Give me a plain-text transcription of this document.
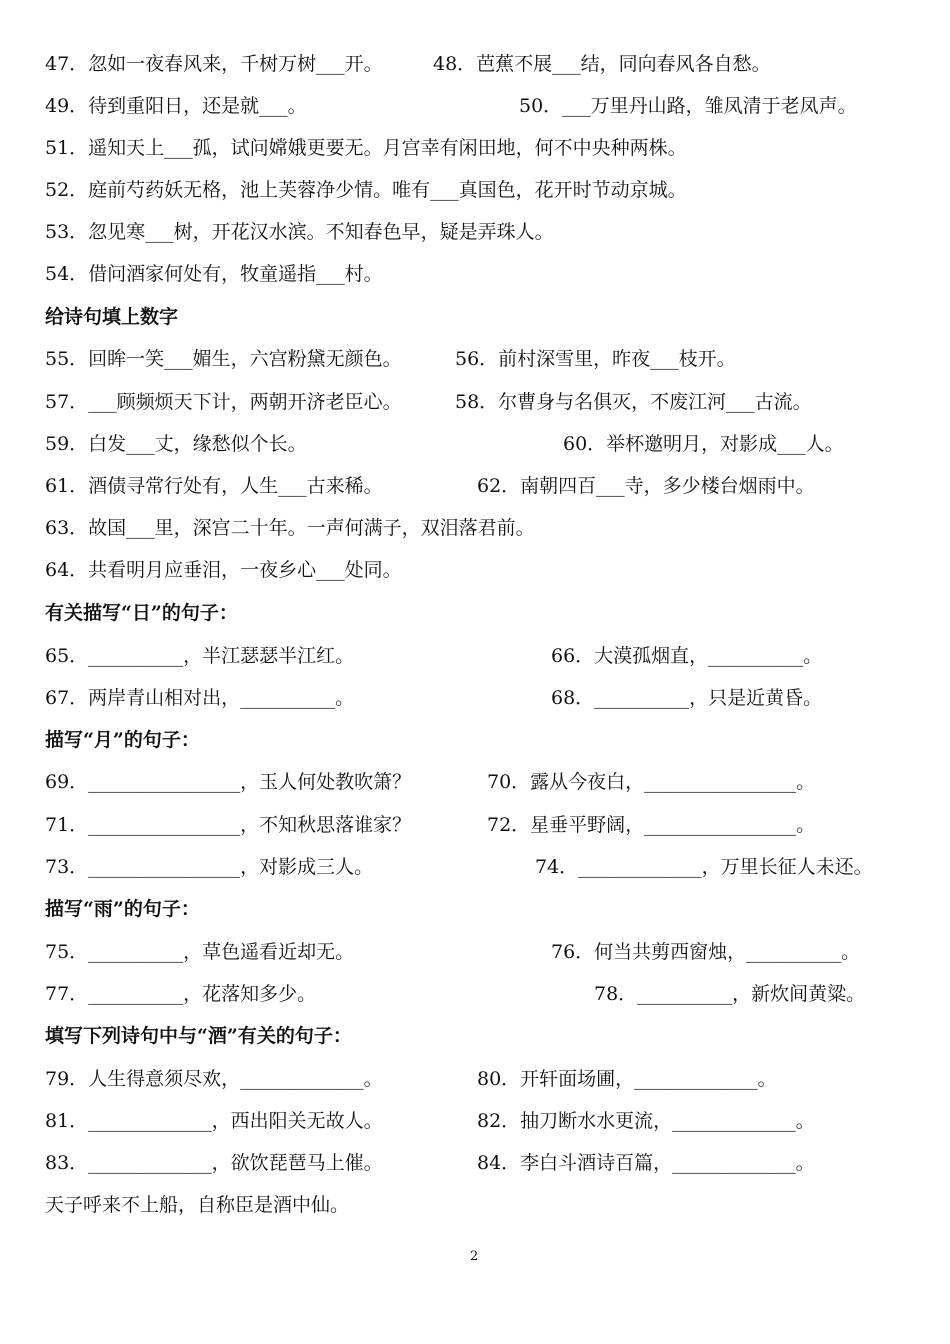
47．忽如一夜春风来，千树万树___开。	48．芭蕉不展___结，同向春风各自愁。
49．待到重阳日，还是就___。	50．___万里丹山路，雏凤清于老凤声。
51．遥知天上___孤，试问嫦娥更要无。月宫幸有闲田地，何不中央种两株。
52．庭前芍药妖无格，池上芙蓉净少情。唯有___真国色，花开时节动京城。
53．忽见寒___树，开花汉水滨。不知春色早，疑是弄珠人。
54．借问酒家何处有，牧童遥指___村。
给诗句填上数字
55．回眸一笑___媚生，六宫粉黛无颜色。	56．前村深雪里，昨夜___枝开。
57．___顾频烦天下计，两朝开济老臣心。	58．尔曹身与名俱灭，不废江河___古流。
59．白发___丈，缘愁似个长。	60．举杯邀明月，对影成___人。
61．酒债寻常行处有，人生___古来稀。	62．南朝四百___寺，多少楼台烟雨中。
63．故国___里，深宫二十年。一声何满子，双泪落君前。
64．共看明月应垂泪，一夜乡心___处同。
有关描写“日”的句子：
65．__________，半江瑟瑟半江红。	66．大漠孤烟直，__________。
67．两岸青山相对出，__________。	68．__________，只是近黄昏。
描写“月”的句子：
69．________________，玉人何处教吹箫？	70．露从今夜白，________________。
71．________________，不知秋思落谁家？	72．星垂平野阔，________________。
73．________________，对影成三人。	74．_____________，万里长征人未还。
描写“雨”的句子：
75．__________，草色遥看近却无。	76．何当共剪西窗烛，__________。
77．__________，花落知多少。	78．__________，新炊间黄粱。
填写下列诗句中与“酒”有关的句子：
79．人生得意须尽欢，_____________。	80．开轩面场圃，_____________。
81．_____________，西出阳关无故人。	82．抽刀断水水更流，_____________。
83．_____________，欲饮琵琶马上催。	84．李白斗酒诗百篇，_____________。
天子呼来不上船，自称臣是酒中仙。
2
